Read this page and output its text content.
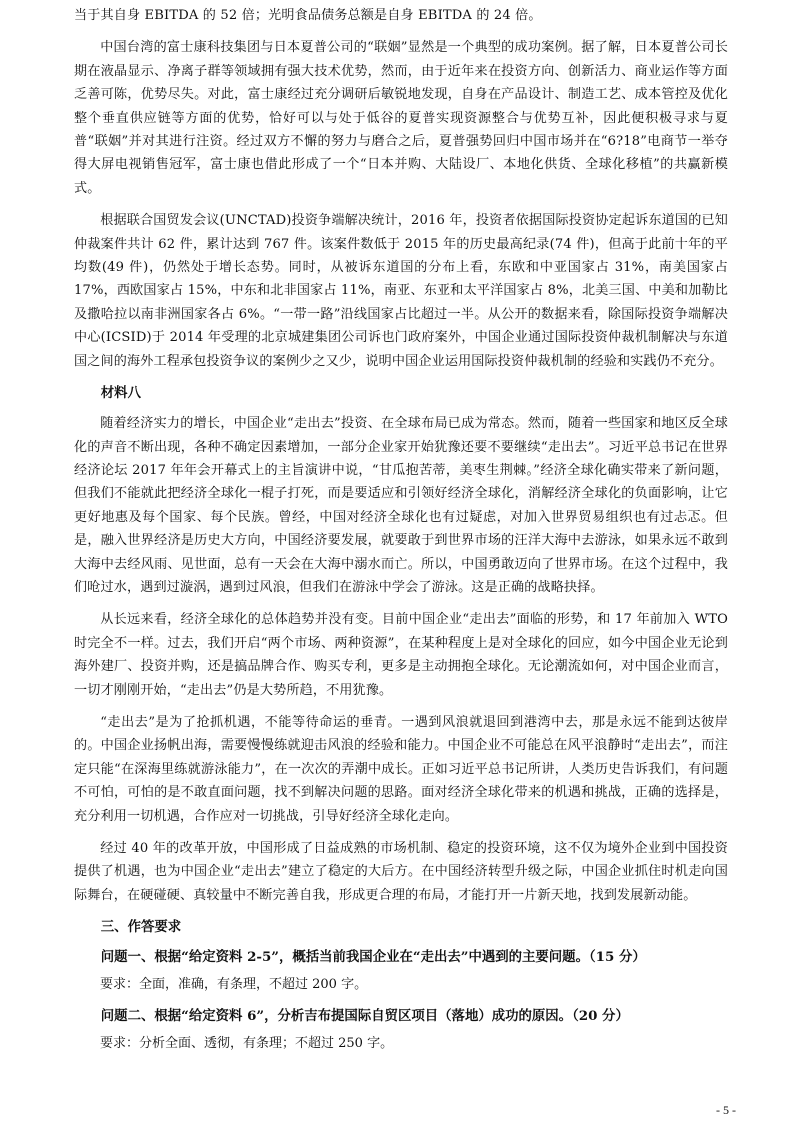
当于其自身 EBITDA 的 52 倍；光明食品债务总额是自身 EBITDA 的 24 倍。

中国台湾的富士康科技集团与日本夏普公司的“联姻”显然是一个典型的成功案例。据了解，日本夏普公司长期在液晶显示、净离子群等领域拥有强大技术优势，然而，由于近年来在投资方向、创新活力、商业运作等方面乏善可陈，优势尽失。对此，富士康经过充分调研后敏锐地发现，自身在产品设计、制造工艺、成本管控及优化整个垂直供应链等方面的优势，恰好可以与处于低谷的夏普实现资源整合与优势互补，因此便积极寻求与夏普“联姻”并对其进行注资。经过双方不懈的努力与磨合之后，夏普强势回归中国市场并在“6?18”电商节一举夺得大屏电视销售冠军，富士康也借此形成了一个“日本并购、大陆设厂、本地化供货、全球化移植”的共赢新模式。

根据联合国贸发会议(UNCTAD)投资争端解决统计，2016 年，投资者依据国际投资协定起诉东道国的已知仲裁案件共计 62 件，累计达到 767 件。该案件数低于 2015 年的历史最高纪录(74 件)，但高于此前十年的平均数(49 件)，仍然处于增长态势。同时，从被诉东道国的分布上看，东欧和中亚国家占 31%，南美国家占 17%，西欧国家占 15%，中东和北非国家占 11%，南亚、东亚和太平洋国家占 8%，北美三国、中美和加勒比及撒哈拉以南非洲国家各占 6%。“一带一路”沿线国家占比超过一半。从公开的数据来看，除国际投资争端解决中心(ICSID)于 2014 年受理的北京城建集团公司诉也门政府案外，中国企业通过国际投资仲裁机制解决与东道国之间的海外工程承包投资争议的案例少之又少，说明中国企业运用国际投资仲裁机制的经验和实践仍不充分。

材料八

随着经济实力的增长，中国企业“走出去”投资、在全球布局已成为常态。然而，随着一些国家和地区反全球化的声音不断出现，各种不确定因素增加，一部分企业家开始犹豫还要不要继续“走出去”。习近平总书记在世界经济论坛 2017 年年会开幕式上的主旨演讲中说，“甘瓜抱苦蒂，美枣生荆棘。”经济全球化确实带来了新问题，但我们不能就此把经济全球化一棍子打死，而是要适应和引领好经济全球化，消解经济全球化的负面影响，让它更好地惠及每个国家、每个民族。曾经，中国对经济全球化也有过疑虑，对加入世界贸易组织也有过忐忑。但是，融入世界经济是历史大方向，中国经济要发展，就要敢于到世界市场的汪洋大海中去游泳，如果永远不敢到大海中去经风雨、见世面，总有一天会在大海中溺水而亡。所以，中国勇敢迈向了世界市场。在这个过程中，我们呛过水，遇到过漩涡，遇到过风浪，但我们在游泳中学会了游泳。这是正确的战略抉择。

从长远来看，经济全球化的总体趋势并没有变。目前中国企业“走出去”面临的形势，和 17 年前加入 WTO 时完全不一样。过去，我们开启“两个市场、两种资源”，在某种程度上是对全球化的回应，如今中国企业无论到海外建厂、投资并购，还是搞品牌合作、购买专利，更多是主动拥抱全球化。无论潮流如何，对中国企业而言，一切才刚刚开始，“走出去”仍是大势所趋，不用犹豫。

“走出去”是为了抢抓机遇，不能等待命运的垂青。一遇到风浪就退回到港湾中去，那是永远不能到达彼岸的。中国企业扬帆出海，需要慢慢练就迎击风浪的经验和能力。中国企业不可能总在风平浪静时“走出去”，而注定只能“在深海里练就游泳能力”，在一次次的弄潮中成长。正如习近平总书记所讲，人类历史告诉我们，有问题不可怕，可怕的是不敢直面问题，找不到解决问题的思路。面对经济全球化带来的机遇和挑战，正确的选择是，充分利用一切机遇，合作应对一切挑战，引导好经济全球化走向。

经过 40 年的改革开放，中国形成了日益成熟的市场机制、稳定的投资环境，这不仅为境外企业到中国投资提供了机遇，也为中国企业“走出去”建立了稳定的大后方。在中国经济转型升级之际，中国企业抓住时机走向国际舞台，在硬碰硬、真较量中不断完善自我，形成更合理的布局，才能打开一片新天地，找到发展新动能。

三、作答要求
问题一、根据“给定资料 2-5”，概括当前我国企业在“走出去”中遇到的主要问题。（15 分）
要求：全面，准确，有条理，不超过 200 字。
问题二、根据“给定资料 6”，分析吉布提国际自贸区项目（落地）成功的原因。（20 分）
要求：分析全面、透彻，有条理；不超过 250 字。
- 5 -
